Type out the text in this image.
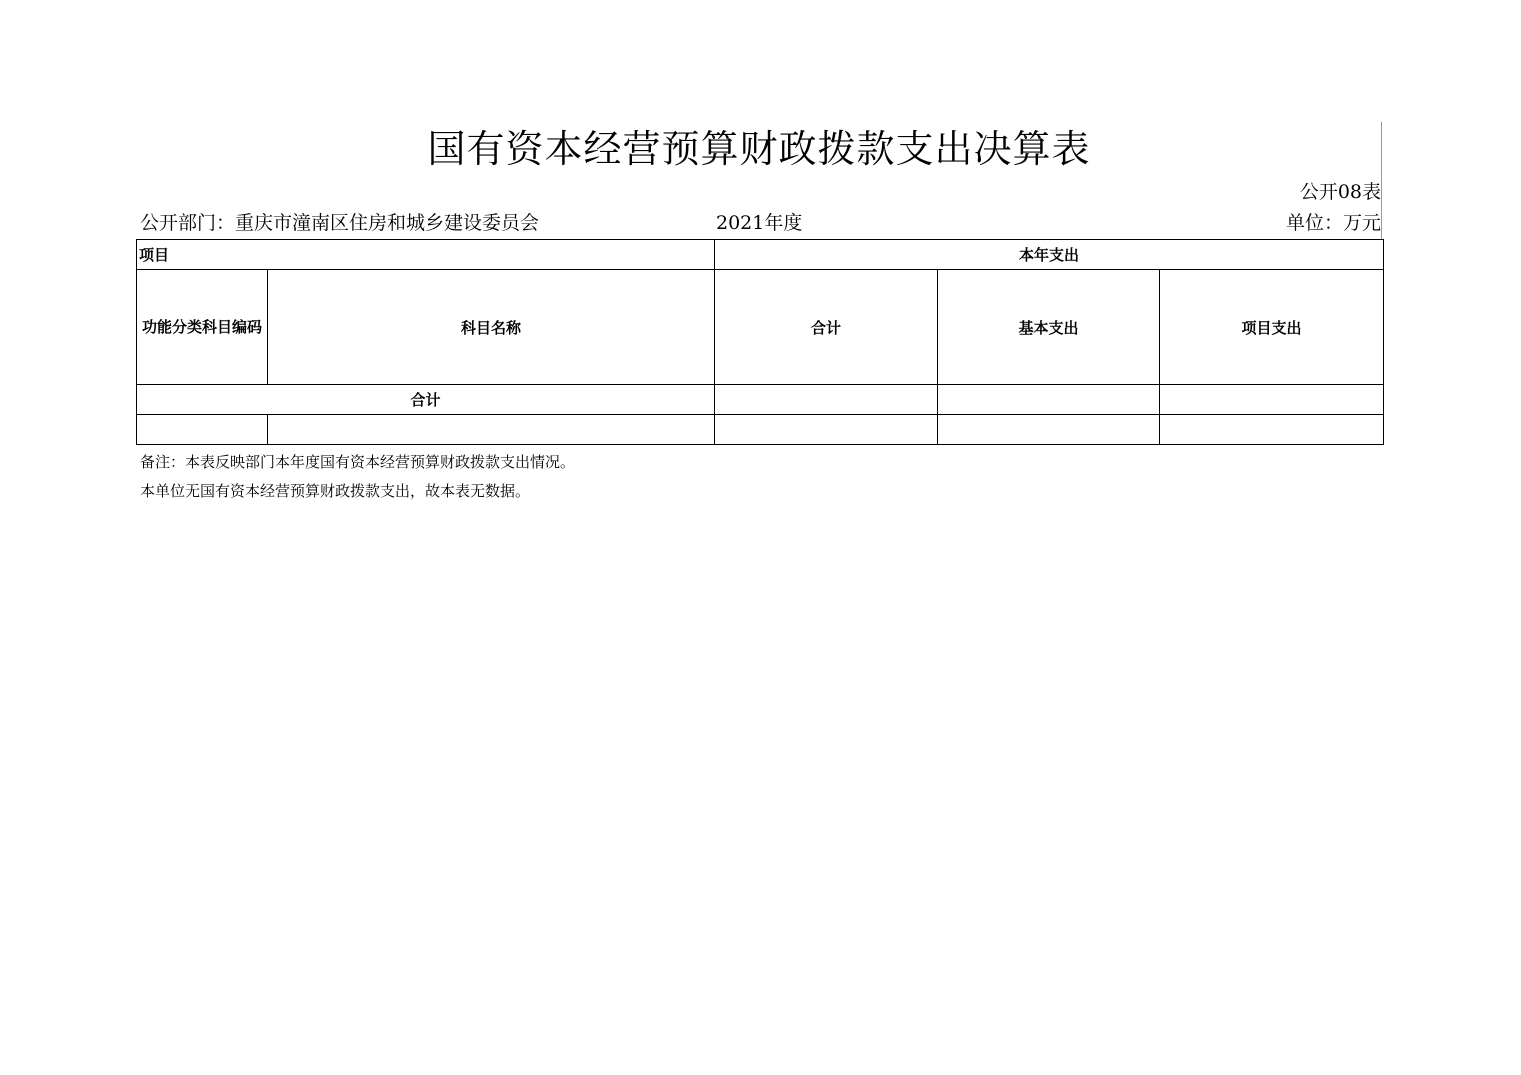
国有资本经营预算财政拨款支出决算表
公开08表
公开部门：重庆市潼南区住房和城乡建设委员会	2021年度	单位：万元
项目		本年支出		
功能分类科目编码	科目名称	合计	基本支出	项目支出
合计				

备注：本表反映部门本年度国有资本经营预算财政拨款支出情况。
本单位无国有资本经营预算财政拨款支出，故本表无数据。
